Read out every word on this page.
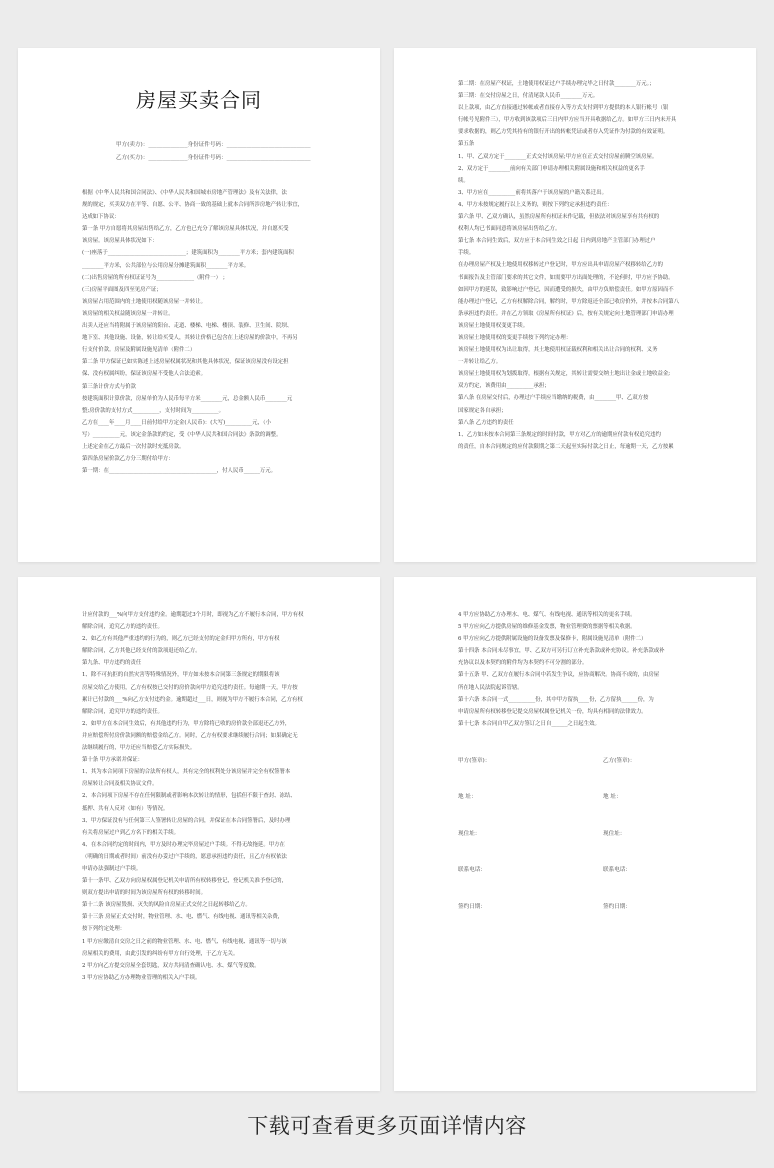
房屋买卖合同
甲方(卖方)：______________身份证件号码：______________________________
乙方(买方)：______________身份证件号码：______________________________

根据《中华人民共和国合同法》、《中华人民共和国城市房地产管理法》及有关法律，法

规的规定，买卖双方在平等、自愿、公平、协商一致的基础上就本合同所涉房地产转让事宜，

达成如下协议：

第一条 甲方自愿将其房屋出售给乙方，乙方也已充分了解该房屋具体状况，并自愿买受

该房屋。该房屋具体状况如下：

(一)座落于_____________________________；建筑面积为________平方米；套内建筑面积

________平方米，公共部位与公用房屋分摊建筑面积________平方米。

(二)出售房屋的所有权证证号为______________（附件一） ；

(三)房屋平面图及四至见房产证；

该房屋占用范围内的土地使用权随该房屋一并转让。

该房屋的相关权益随该房屋一并转让。

出卖人还应当将附属于该房屋的阳台、走道、楼梯、电梯、楼顶、装修、卫生间、院坝、

地下室、其他设施、设备，转让给买受人，其转让价格已包含在上述房屋的价款中，不再另

行支付价款。房屋及附属设施见清单（附件二）

第二条 甲方保证已如实陈述上述房屋权属状况和其他具体状况，保证该房屋没有设定担

保、没有权属纠纷，保证该房屋不受他人合法追索。

第三条计价方式与价款

按建筑面积计算价款，房屋单价为人民币每平方米________元，总金额人民币________元

整;房价款的支付方式__________，支付时间为__________。

乙方在____年____月____日前付给甲方定金(人民币)：(大写)__________元，（小

写）__________元，该定金条款的约定，受《中华人民共和国合同法》条款的调整。

上述定金在乙方最后一次付款时充抵房款。

第四条房屋价款乙方分三期付给甲方：

第一期：在________________________________________，付人民币______万元。

第二期：在房屋产权证，土地使用权证过户手续办理完毕之日付款________万元。；

第三期：在交付房屋之日，付清尾款人民币________万元。

以上款项，由乙方直接通过转帐或者直接存入等方式支付到甲方提供的本人银行帐号（银

行帐号见附件三），甲方收到该款项后三日内甲方应当开具收据给乙方。如甲方三日内未开具

要求收据的，则乙方凭其持有的银行开出的转帐凭证或者存入凭证作为付款的有效证明。

第五条

1、甲、乙双方定于________正式交付该房屋;甲方应在正式交付房屋前腾空该房屋。

2、双方定于________前向有关部门申请办理相关附属设施和相关权益的更名手

续。

3、甲方应在__________前将其落户于该房屋的户籍关系迁出。

4、甲方未按规定履行以上义务的，则按下列约定承担违约责任：

第六条 甲、乙双方确认，虽然房屋所有权证未作记载，但依法对该房屋享有共有权的

权利人均已书面同意将该房屋出售给乙方。

第七条 本合同生效后，双方应于本合同生效之日起 日内到房地产主管部门办理过户

手续。

在办理房屋产权及土地使用权移转过户登记时，甲方应出具申请房屋产权移转给乙方的

书面报告及主管部门要求的其它文件，如需要甲方出面处理的，不论何时，甲方应予协助。

如因甲方的延误，致影响过户登记，因而遭受的损失，由甲方负赔偿责任。如甲方原因而不

能办理过户登记，乙方有权解除合同，解约时，甲方除返还全部已收房价外，并按本合同第八

条承担违约责任。并在乙方领取《房屋所有权证》后，按有关规定向土地管理部门申请办理

该房屋土地使用权变更手续。

该房屋土地使用权的变更手续按下列约定办理：

该房屋土地使用权为出让取得，其土地使用权证载权利和相关出让合同的权利、义务

一并转让给乙方。

该房屋土地使用权为划拨取得，根据有关规定，其转让需要交纳土地出让金或土地收益金;

双方约定，该费用由__________承担；

第八条 在房屋交付后，办理过户手续应当缴纳的税费，由________甲、乙双方按

国家规定各自承担；

第八条 乙方违约的责任

1、乙方如未按本合同第三条规定的时间付款，甲方对乙方的逾期应付款有权追究违约

的责任，自本合同规定的应付款限期之第二天起至实际付款之日止，每逾期一天，乙方按累

计应付款的___%向甲方支付违约金。逾期超过3个月时，即视为乙方不履行本合同，甲方有权

解除合同，追究乙方的违约责任。

2、如乙方有其他严重违约的行为的，则乙方已经支付的定金归甲方所有，甲方有权

解除合同，乙方其他已经支付的款项退还给乙方。

第九条、甲方违约的责任

1、除不可抗拒的自然灾害等特殊情况外，甲方如未按本合同第三条规定的期限将该

房屋交给乙方使用，乙方有权按已交付的房价款向甲方追究违约责任。每逾期一天，甲方按

累计已付款的___%向乙方支付违约金。逾期超过___日，则视为甲方不履行本合同，乙方有权

解除合同，追究甲方的违约责任。

2、如甲方在本合同生效后，有其他违约行为，甲方除将已收的房价款全部退还乙方外，

并应赔偿所付房价款同额的赔偿金给乙方。同时，乙方有权要求继续履行合同；如果确定无

法继续履行的，甲方还应当赔偿乙方实际损失。

第十条 甲方承诺并保证：

1、其为本合同项下房屋的合法所有权人，其有完全的权利处分该房屋并完全有权签署本

房屋转让合同及相关协议文件。

2、本合同项下房屋不存在任何限制或者影响本次转让的情形，包括但不限于查封、冻结、

抵押、共有人反对（如有）等情况。

3、甲方保证没有与任何第三人签署转让房屋的合同，并保证在本合同签署后，及时办理

有关将房屋过户到乙方名下的相关手续。

4、在本合同约定的时间内，甲方及时办理完毕房屋过户手续。不得无故拖延。甲方在

（明确的日期或者时间）前没有办妥过户手续的，愿意承担违约责任，且乙方有权依法

申请办法强制过户手续。

第十一条甲、乙双方向房屋权属登记机关申请所有权转移登记，登记机关准予登记的，

则双方提出申请的时间为该房屋所有权的转移时间。

第十二条 该房屋毁损、灭失的风险自房屋正式交付之日起转移给乙方。

第十三条 房屋正式交付时，物业管理、水、电、燃气、有线电视、通讯等相关杂费，

按下列约定处理：

1 甲方应缴清自交房之日之前的物业管理、水、电、燃气、有线电视、通讯等一切与该

房屋相关的费用，由此引发的纠纷有甲方自行处理，于乙方无关。

2 甲方向乙方提交房屋全套钥匙，双方共同清查确认电、水、煤气等度数。

3 甲方应协助乙方办理物业管理的相关入户手续。

4 甲方应协助乙方办理水、电、煤气、有线电视、通讯等相关的更名手续。

5 甲方应向乙方提供房屋的维修基金发票，物业管理费的票据等相关收据。

6 甲方应向乙方提供附属设施的设备发票及保修卡，附属设施见清单（附件二）

第十四条 本合同未尽事宜，甲、乙双方可另行订立补充条款或补充协议。补充条款或补

充协议以及本契约的附件均为本契约不可分割的部分。

第十五条 甲、乙双方在履行本合同中若发生争议，应协商解决。协商不成的，由房屋

所在地人民法院起诉管辖。

第十六条 本合同一式__________份，其中甲方留执____份，乙方留执______份，为

申请房屋所有权转移登记提交房屋权属登记机关一份，均具有相同的法律效力。

第十七条 本合同自甲乙双方签订之日自______之日起生效。

甲方(签章)：	乙方(签章)：
地 址：	地 址：
现住址：	现住址：
联系电话：	联系电话：
签约日期：	签约日期：
下载可查看更多页面详情内容
